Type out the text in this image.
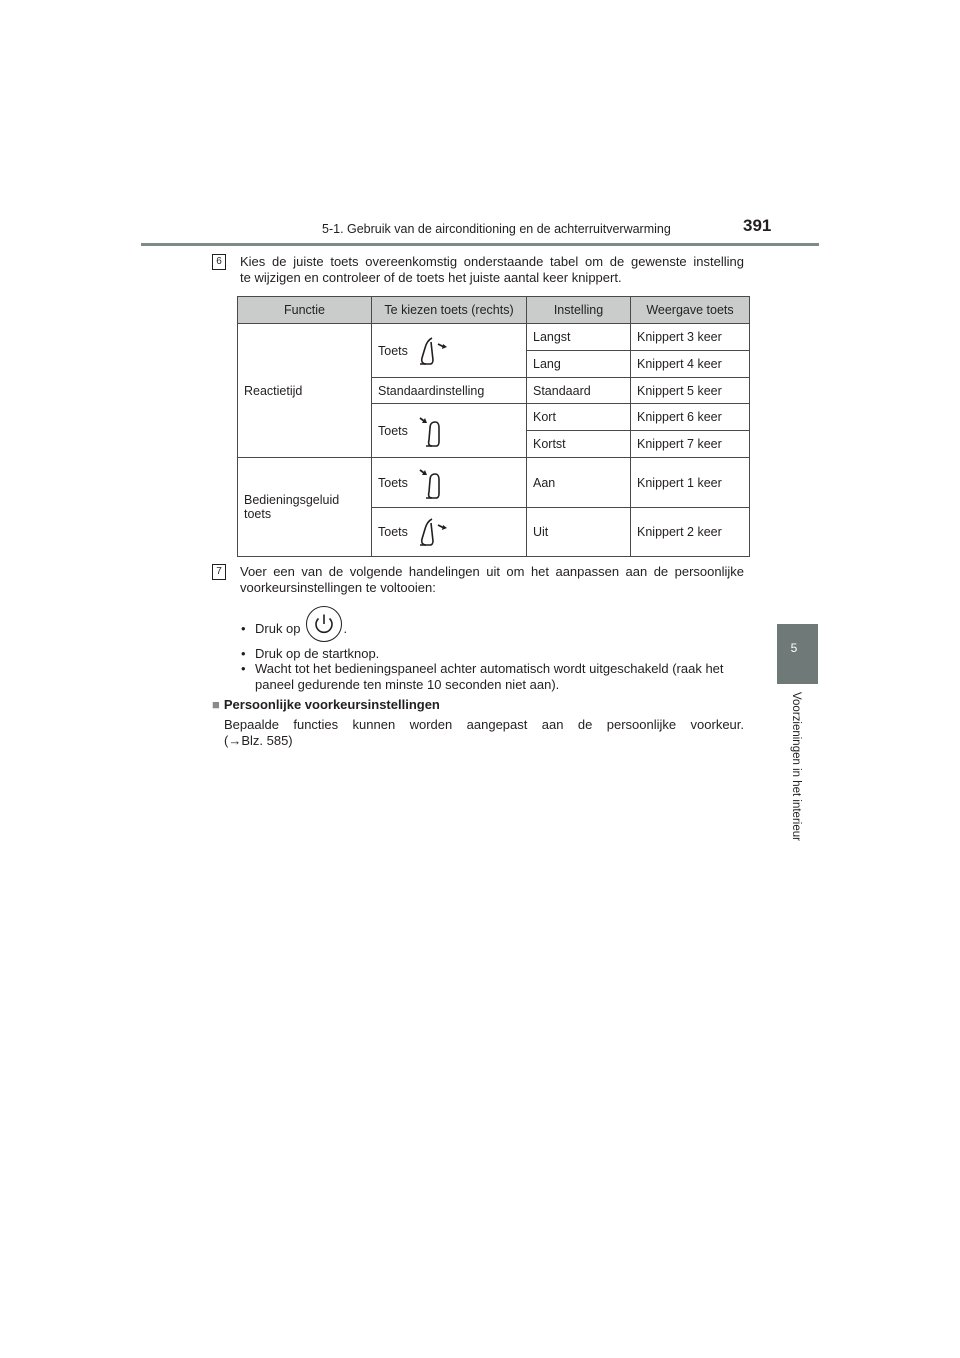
5-1. Gebruik van de airconditioning en de achterruitverwarming	391
5
Voorzieningen in het interieur
6	Kies de juiste toets overeenkomstig onderstaande tabel om de gewenste instelling
te wijzigen en controleer of de toets het juiste aantal keer knippert.
Functie	Te kiezen toets (rechts)	Instelling	Weergave toets
Reactietijd	Toets	Langst	Knippert 3 keer
		Lang	Knippert 4 keer
	Standaardinstelling	Standaard	Knippert 5 keer

	Toets	Kort	Knippert 6 keer
		Kortst	Knippert 7 keer
Bedieningsgeluid toets	Toets	Aan	Knippert 1 keer

	Toets	Uit	Knippert 2 keer
7	Voer een van de volgende handelingen uit om het aanpassen aan de persoonlijke
voorkeursinstellingen te voltooien:
• Druk op	.
• Druk op de startknop.
• Wacht tot het bedieningspaneel achter automatisch wordt uitgeschakeld (raak het
paneel gedurende ten minste 10 seconden niet aan).
■ Persoonlijke voorkeursinstellingen
Bepaalde functies kunnen worden aangepast aan de persoonlijke voorkeur.
(→Blz. 585)
